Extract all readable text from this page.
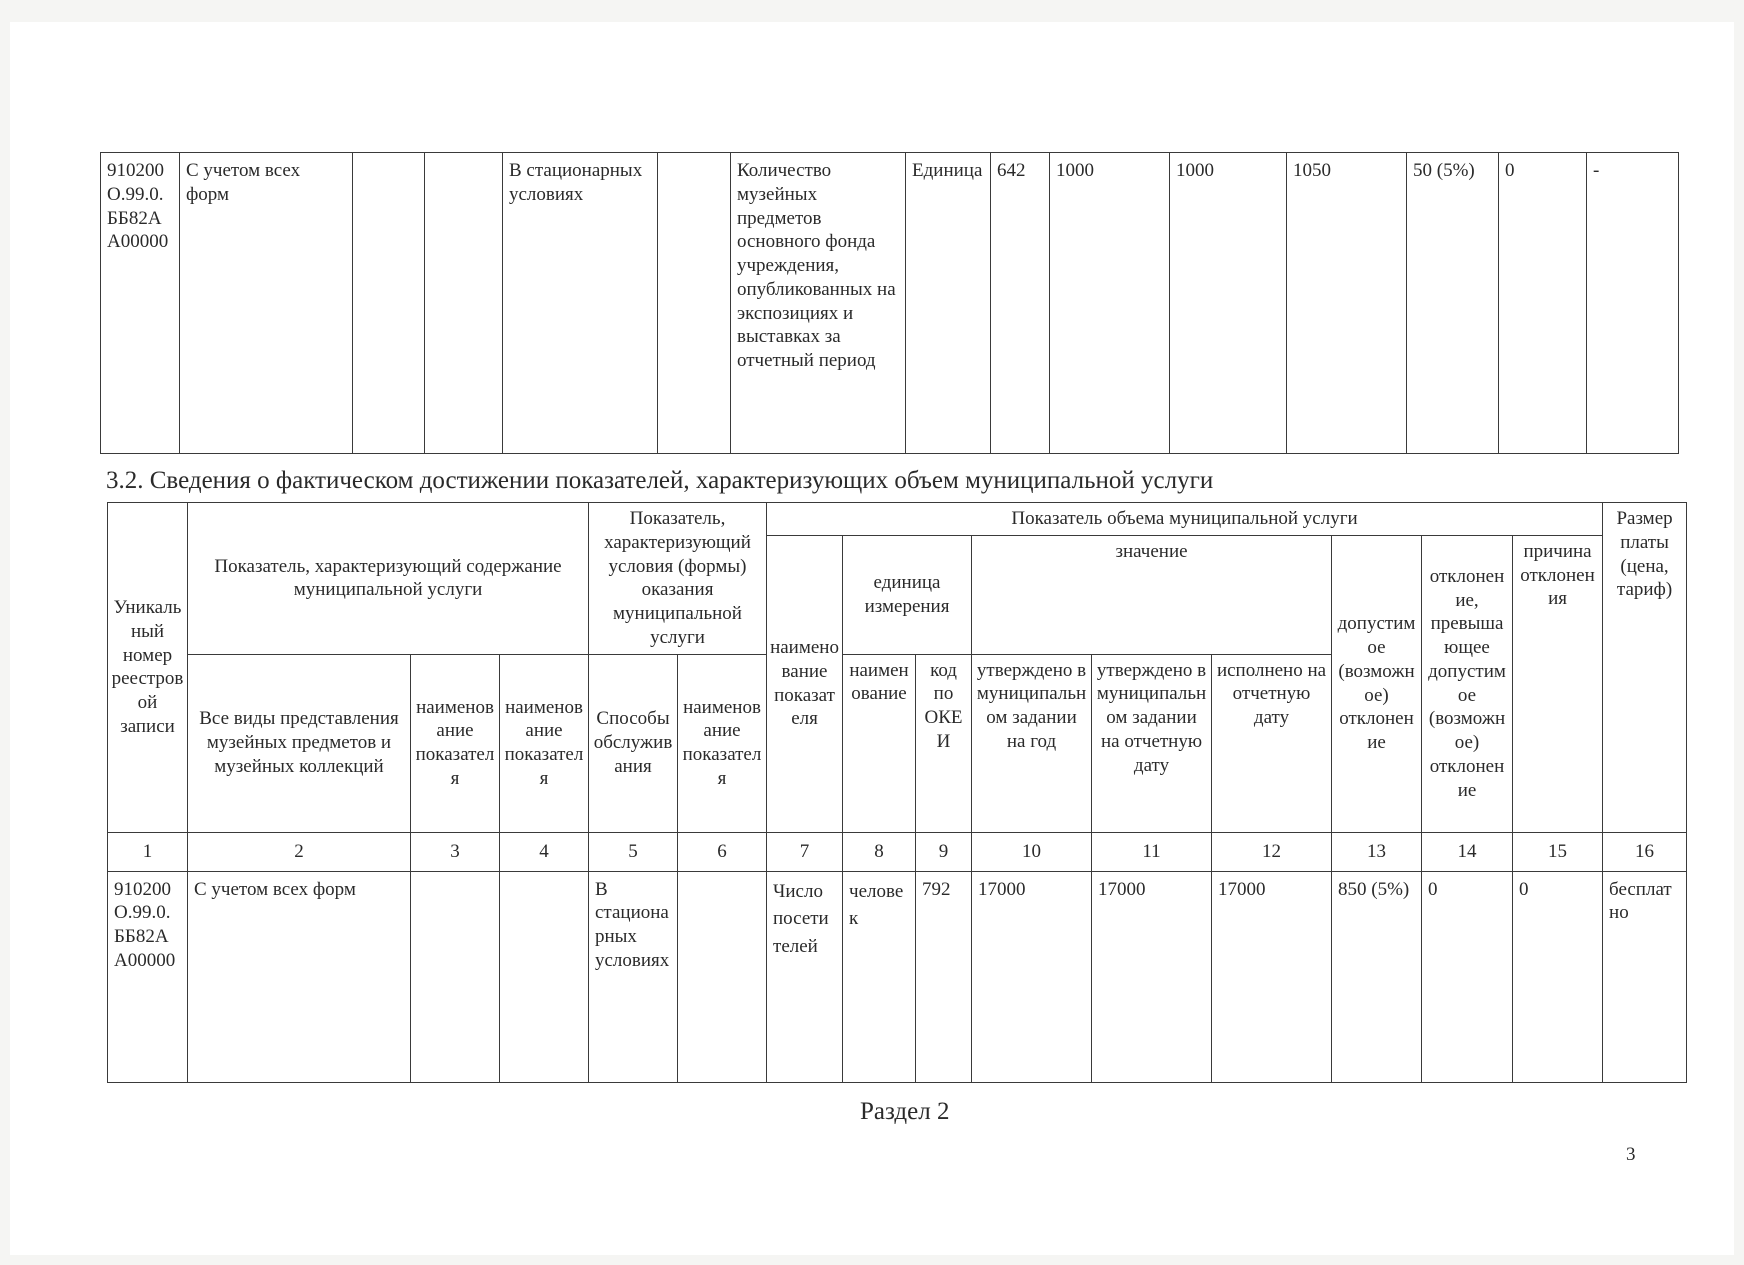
910200О.99.0.ББ82АА00000	С учетом всех форм			В стационарных условиях		Количество музейных предметов основного фонда учреждения, опубликованных на экспозициях и выставках за отчетный период	Единица	642	1000	1000	1050	50 (5%)	0	-
3.2. Сведения о фактическом достижении показателей, характеризующих объем муниципальной услуги
Уникальный номер реестровой записи	Показатель, характеризующий содержание муниципальной услуги			Показатель, характеризующий условия (формы) оказания муниципальной услуги		Показатель объема муниципальной услуги									Размер платы (цена, тариф)
						наименование показателя	единица измерения		значение			допустимое (возможное) отклонение	отклонение, превышающее допустимое (возможное) отклонение	причина отклонения	
	Все виды представления музейных предметов и музейных коллекций	наименование показателя	наименование показателя	Способы обслуживания	наименование показателя		наименование	код по ОКЕИ	утверждено в муниципальном задании на год	утверждено в муниципальном задании на отчетную дату	исполнено на отчетную дату				
1	2	3	4	5	6	7	8	9	10	11	12	13	14	15	16
910200О.99.0.ББ82АА00000	С учетом всех форм			В стационарных условиях		Число посетителей	человек	792	17000	17000	17000	850 (5%)	0	0	бесплатно
Раздел 2
3
